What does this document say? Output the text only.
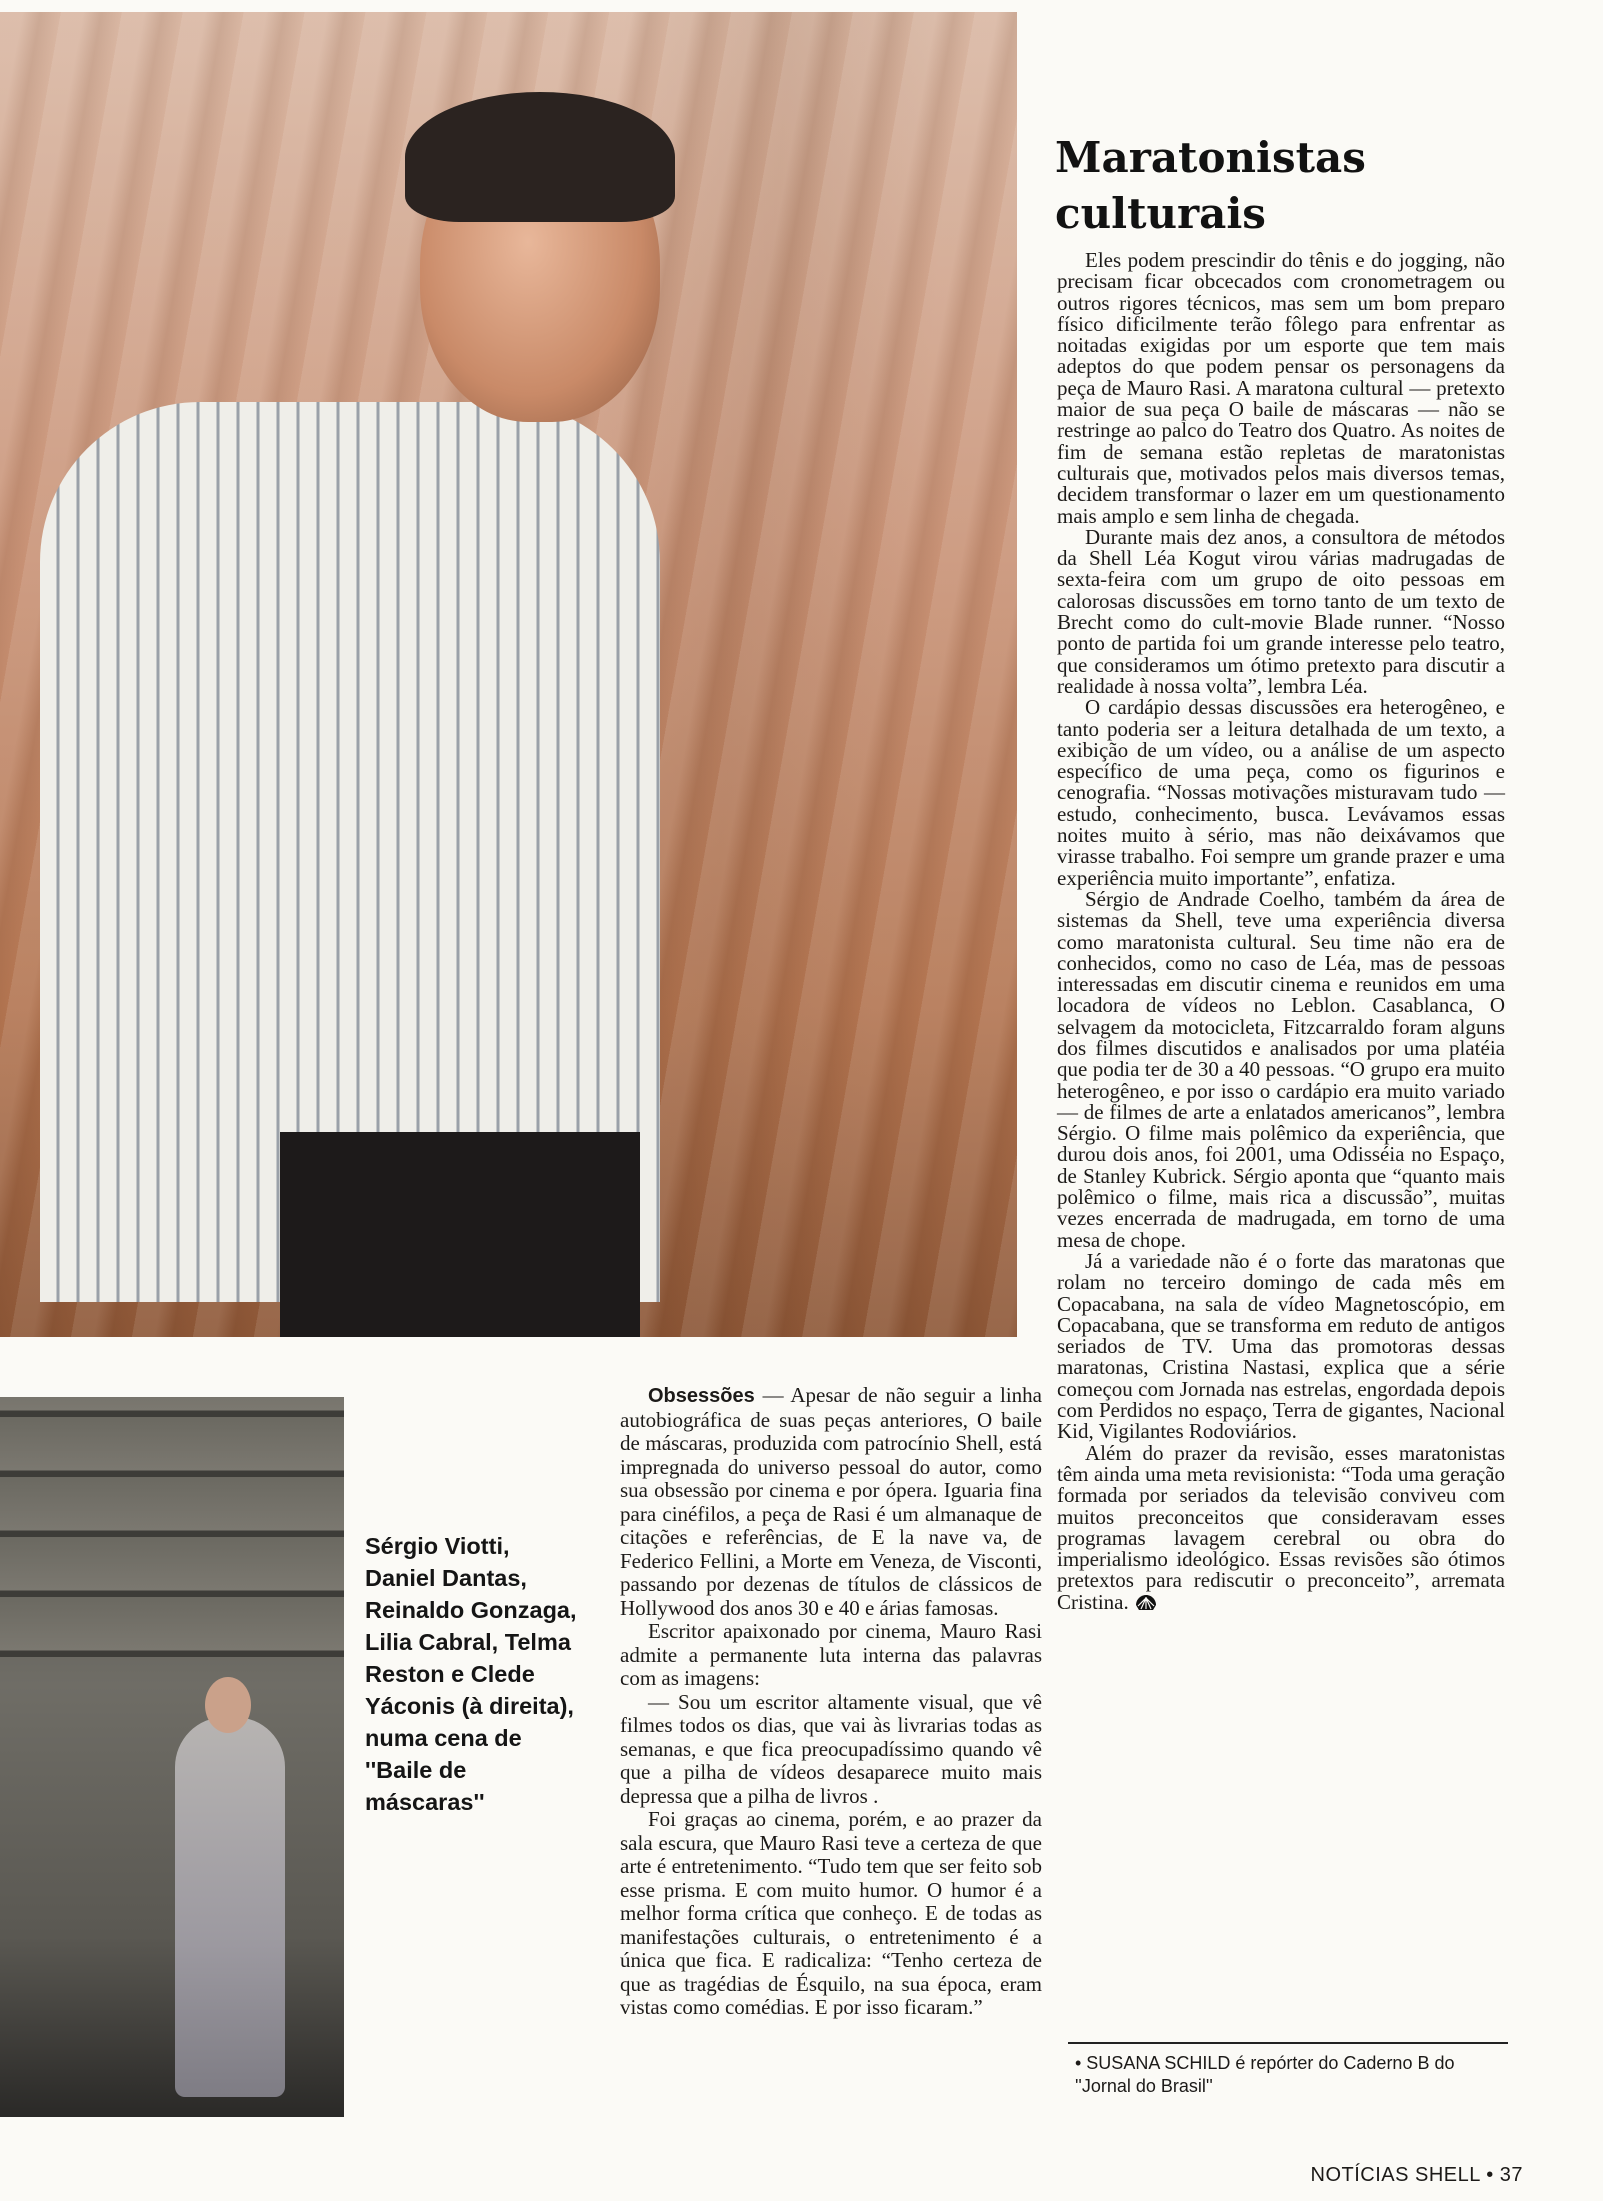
Maratonistas culturais

Eles podem prescindir do tênis e do jogging, não precisam ficar obcecados com cronometragem ou outros rigores técnicos, mas sem um bom preparo físico dificilmente terão fôlego para enfrentar as noitadas exigidas por um esporte que tem mais adeptos do que podem pensar os personagens da peça de Mauro Rasi. A maratona cultural — pretexto maior de sua peça O baile de máscaras — não se restringe ao palco do Teatro dos Quatro. As noites de fim de semana estão repletas de maratonistas culturais que, motivados pelos mais diversos temas, decidem transformar o lazer em um questionamento mais amplo e sem linha de chegada.

Durante mais dez anos, a consultora de métodos da Shell Léa Kogut virou várias madrugadas de sexta-feira com um grupo de oito pessoas em calorosas discussões em torno tanto de um texto de Brecht como do cult-movie Blade runner. “Nosso ponto de partida foi um grande interesse pelo teatro, que consideramos um ótimo pretexto para discutir a realidade à nossa volta”, lembra Léa.

O cardápio dessas discussões era heterogêneo, e tanto poderia ser a leitura detalhada de um texto, a exibição de um vídeo, ou a análise de um aspecto específico de uma peça, como os figurinos e cenografia. “Nossas motivações misturavam tudo — estudo, conhecimento, busca. Levávamos essas noites muito à sério, mas não deixávamos que virasse trabalho. Foi sempre um grande prazer e uma experiência muito importante”, enfatiza.

Sérgio de Andrade Coelho, também da área de sistemas da Shell, teve uma experiência diversa como maratonista cultural. Seu time não era de conhecidos, como no caso de Léa, mas de pessoas interessadas em discutir cinema e reunidos em uma locadora de vídeos no Leblon. Casablanca, O selvagem da motocicleta, Fitzcarraldo foram alguns dos filmes discutidos e analisados por uma platéia que podia ter de 30 a 40 pessoas. “O grupo era muito heterogêneo, e por isso o cardápio era muito variado — de filmes de arte a enlatados americanos”, lembra Sérgio. O filme mais polêmico da experiência, que durou dois anos, foi 2001, uma Odisséia no Espaço, de Stanley Kubrick. Sérgio aponta que “quanto mais polêmico o filme, mais rica a discussão”, muitas vezes encerrada de madrugada, em torno de uma mesa de chope.

Já a variedade não é o forte das maratonas que rolam no terceiro domingo de cada mês em Copacabana, na sala de vídeo Magnetoscópio, em Copacabana, que se transforma em reduto de antigos seriados de TV. Uma das promotoras dessas maratonas, Cristina Nastasi, explica que a série começou com Jornada nas estrelas, engordada depois com Perdidos no espaço, Terra de gigantes, Nacional Kid, Vigilantes Rodoviários.

Além do prazer da revisão, esses maratonistas têm ainda uma meta revisionista: “Toda uma geração formada por seriados da televisão conviveu com muitos preconceitos que consideravam esses programas lavagem cerebral ou obra do imperialismo ideológico. Essas revisões são ótimos pretextos para rediscutir o preconceito”, arremata Cristina.

Obsessões — Apesar de não seguir a linha autobiográfica de suas peças anteriores, O baile de máscaras, produzida com patrocínio Shell, está impregnada do universo pessoal do autor, como sua obsessão por cinema e por ópera. Iguaria fina para cinéfilos, a peça de Rasi é um almanaque de citações e referências, de E la nave va, de Federico Fellini, a Morte em Veneza, de Visconti, passando por dezenas de títulos de clássicos de Hollywood dos anos 30 e 40 e árias famosas.

Escritor apaixonado por cinema, Mauro Rasi admite a permanente luta interna das palavras com as imagens:

— Sou um escritor altamente visual, que vê filmes todos os dias, que vai às livrarias todas as semanas, e que fica preocupadíssimo quando vê que a pilha de vídeos desaparece muito mais depressa que a pilha de livros .

Foi graças ao cinema, porém, e ao prazer da sala escura, que Mauro Rasi teve a certeza de que arte é entretenimento. “Tudo tem que ser feito sob esse prisma. E com muito humor. O humor é a melhor forma crítica que conheço. E de todas as manifestações culturais, o entretenimento é a única que fica. E radicaliza: “Tenho certeza de que as tragédias de Ésquilo, na sua época, eram vistas como comédias. E por isso ficaram.”

Sérgio Viotti, Daniel Dantas, Reinaldo Gonzaga, Lilia Cabral, Telma Reston e Clede Yáconis (à direita), numa cena de ''Baile de máscaras''

• SUSANA SCHILD é repórter do Caderno B do ''Jornal do Brasil''

NOTÍCIAS SHELL • 37
